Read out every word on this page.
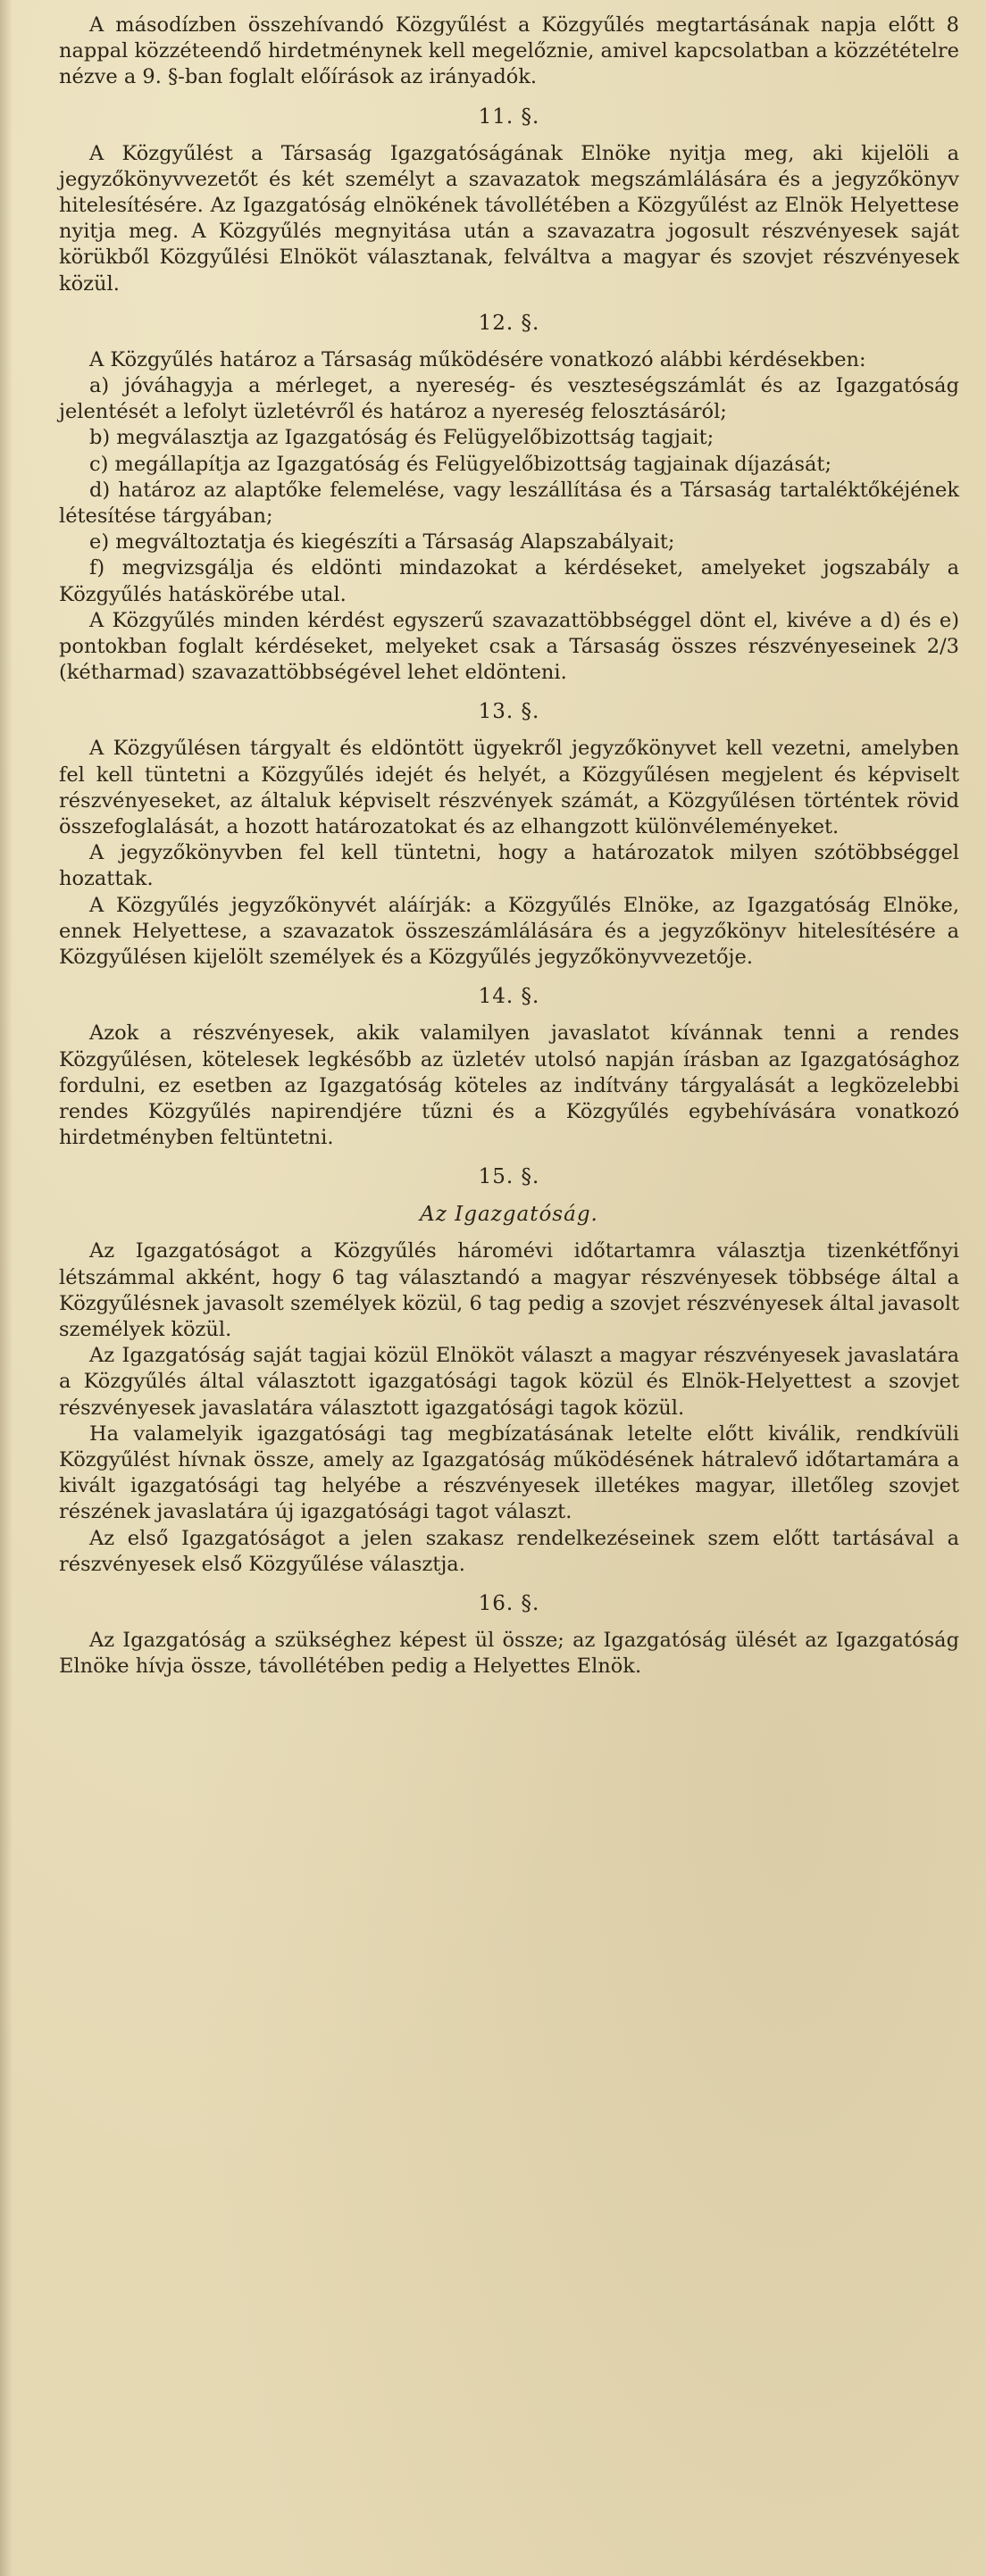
A másodízben összehívandó Közgyűlést a Közgyűlés megtartásának napja előtt 8 nappal közzéteendő hirdetménynek kell megelőznie, amivel kapcsolatban a közzétételre nézve a 9. §-ban foglalt előírások az irányadók.

11. §.

A Közgyűlést a Társaság Igazgatóságának Elnöke nyitja meg, aki kijelöli a jegyzőkönyvvezetőt és két személyt a szavazatok megszámlálására és a jegyzőkönyv hitelesítésére. Az Igazgatóság elnökének távollétében a Közgyűlést az Elnök Helyettese nyitja meg. A Közgyűlés megnyitása után a szavazatra jogosult részvényesek saját körükből Közgyűlési Elnököt választanak, felváltva a magyar és szovjet részvényesek közül.

12. §.

A Közgyűlés határoz a Társaság működésére vonatkozó alábbi kérdésekben:

a) jóváhagyja a mérleget, a nyereség- és veszteségszámlát és az Igazgatóság jelentését a lefolyt üzletévről és határoz a nyereség felosztásáról;

b) megválasztja az Igazgatóság és Felügyelőbizottság tagjait;

c) megállapítja az Igazgatóság és Felügyelőbizottság tagjainak díjazását;

d) határoz az alaptőke felemelése, vagy leszállítása és a Társaság tartaléktőkéjének létesítése tárgyában;

e) megváltoztatja és kiegészíti a Társaság Alapszabályait;

f) megvizsgálja és eldönti mindazokat a kérdéseket, amelyeket jogszabály a Közgyűlés hatáskörébe utal.

A Közgyűlés minden kérdést egyszerű szavazattöbbséggel dönt el, kivéve a d) és e) pontokban foglalt kérdéseket, melyeket csak a Társaság összes részvényeseinek 2/3 (kétharmad) szavazattöbbségével lehet eldönteni.

13. §.

A Közgyűlésen tárgyalt és eldöntött ügyekről jegyzőkönyvet kell vezetni, amelyben fel kell tüntetni a Közgyűlés idejét és helyét, a Közgyűlésen megjelent és képviselt részvényeseket, az általuk képviselt részvények számát, a Közgyűlésen történtek rövid összefoglalását, a hozott határozatokat és az elhangzott különvéleményeket.

A jegyzőkönyvben fel kell tüntetni, hogy a határozatok milyen szótöbbséggel hozattak.

A Közgyűlés jegyzőkönyvét aláírják: a Közgyűlés Elnöke, az Igazgatóság Elnöke, ennek Helyettese, a szavazatok összeszámlálására és a jegyzőkönyv hitelesítésére a Közgyűlésen kijelölt személyek és a Közgyűlés jegyzőkönyvvezetője.

14. §.

Azok a részvényesek, akik valamilyen javaslatot kívánnak tenni a rendes Közgyűlésen, kötelesek legkésőbb az üzletév utolsó napján írásban az Igazgatósághoz fordulni, ez esetben az Igazgatóság köteles az indítvány tárgyalását a legközelebbi rendes Közgyűlés napirendjére tűzni és a Közgyűlés egybehívására vonatkozó hirdetményben feltüntetni.

15. §.
Az Igazgatóság.

Az Igazgatóságot a Közgyűlés háromévi időtartamra választja tizenkétfőnyi létszámmal akként, hogy 6 tag választandó a magyar részvényesek többsége által a Közgyűlésnek javasolt személyek közül, 6 tag pedig a szovjet részvényesek által javasolt személyek közül.

Az Igazgatóság saját tagjai közül Elnököt választ a magyar részvényesek javaslatára a Közgyűlés által választott igazgatósági tagok közül és Elnök-Helyettest a szovjet részvényesek javaslatára választott igazgatósági tagok közül.

Ha valamelyik igazgatósági tag megbízatásának letelte előtt kiválik, rendkívüli Közgyűlést hívnak össze, amely az Igazgatóság működésének hátralevő időtartamára a kivált igazgatósági tag helyébe a részvényesek illetékes magyar, illetőleg szovjet részének javaslatára új igazgatósági tagot választ.

Az első Igazgatóságot a jelen szakasz rendelkezéseinek szem előtt tartásával a részvényesek első Közgyűlése választja.

16. §.

Az Igazgatóság a szükséghez képest ül össze; az Igazgatóság ülését az Igazgatóság Elnöke hívja össze, távollétében pedig a Helyettes Elnök.
